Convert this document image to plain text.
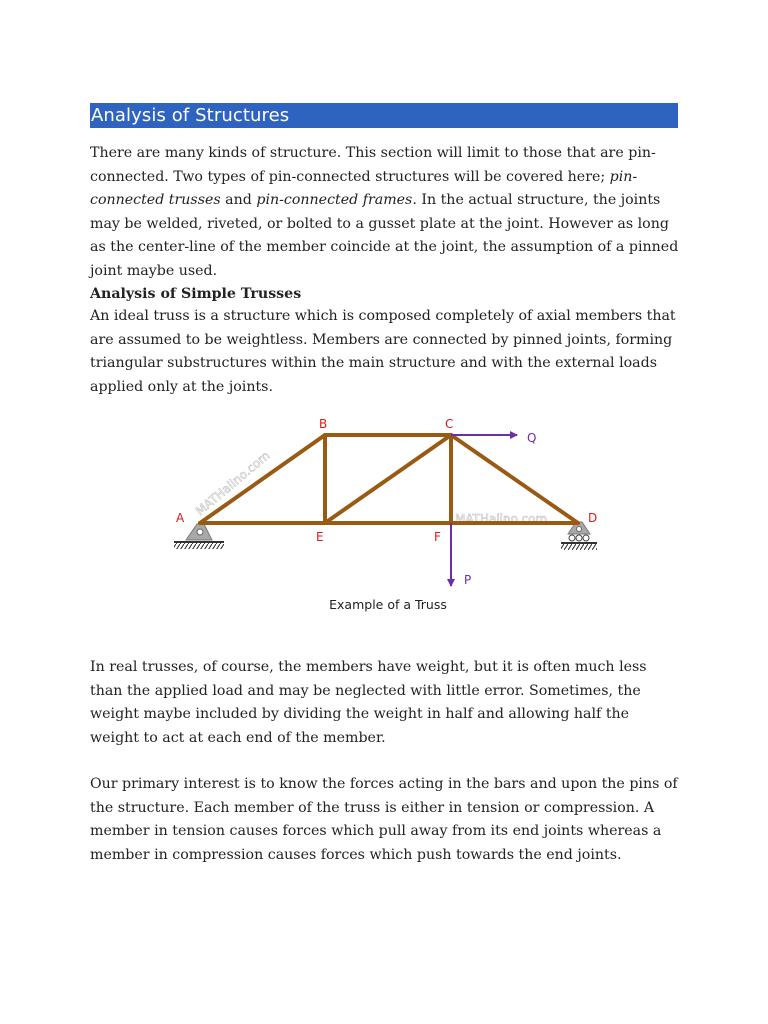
Analysis of Structures

There are many kinds of structure. This section will limit to those that are pin-connected. Two types of pin-connected structures will be covered here; pin-connected trusses and pin-connected frames. In the actual structure, the joints may be welded, riveted, or bolted to a gusset plate at the joint. However as long as the center-line of the member coincide at the joint, the assumption of a pinned joint maybe used.

Analysis of Simple Trusses

An ideal truss is a structure which is composed completely of axial members that are assumed to be weightless. Members are connected by pinned joints, forming triangular substructures within the main structure and with the external loads applied only at the joints.

MATHalino.com
MATHalino.com
A
B	C
D
E	F
Q
P
Example of a Truss

In real trusses, of course, the members have weight, but it is often much less than the applied load and may be neglected with little error. Sometimes, the weight maybe included by dividing the weight in half and allowing half the weight to act at each end of the member.

Our primary interest is to know the forces acting in the bars and upon the pins of the structure. Each member of the truss is either in tension or compression. A member in tension causes forces which pull away from its end joints whereas a member in compression causes forces which push towards the end joints.
